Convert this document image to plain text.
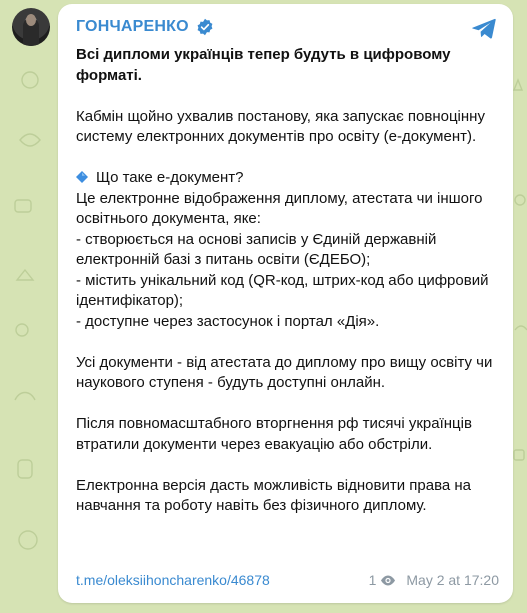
ГОНЧАРЕНКО

Всі дипломи українців тепер будуть в цифровому форматі.

Кабмін щойно ухвалив постанову, яка запускає повноцінну систему електронних документів про освіту (е-документ).

Що таке е-документ?
Це електронне відображення диплому, атестата чи іншого освітнього документа, яке:
- створюється на основі записів у Єдиній державній електронній базі з питань освіти (ЄДЕБО);
- містить унікальний код (QR-код, штрих-код або цифровий ідентифікатор);
- доступне через застосунок і портал «Дія».

Усі документи - від атестата до диплому про вищу освіту чи наукового ступеня - будуть доступні онлайн.

Після повномасштабного вторгнення рф тисячі українців втратили документи через евакуацію або обстріли.

Електронна версія дасть можливість відновити права на навчання та роботу навіть без фізичного диплому.

t.me/oleksiihoncharenko/46878	1 May 2 at 17:20
